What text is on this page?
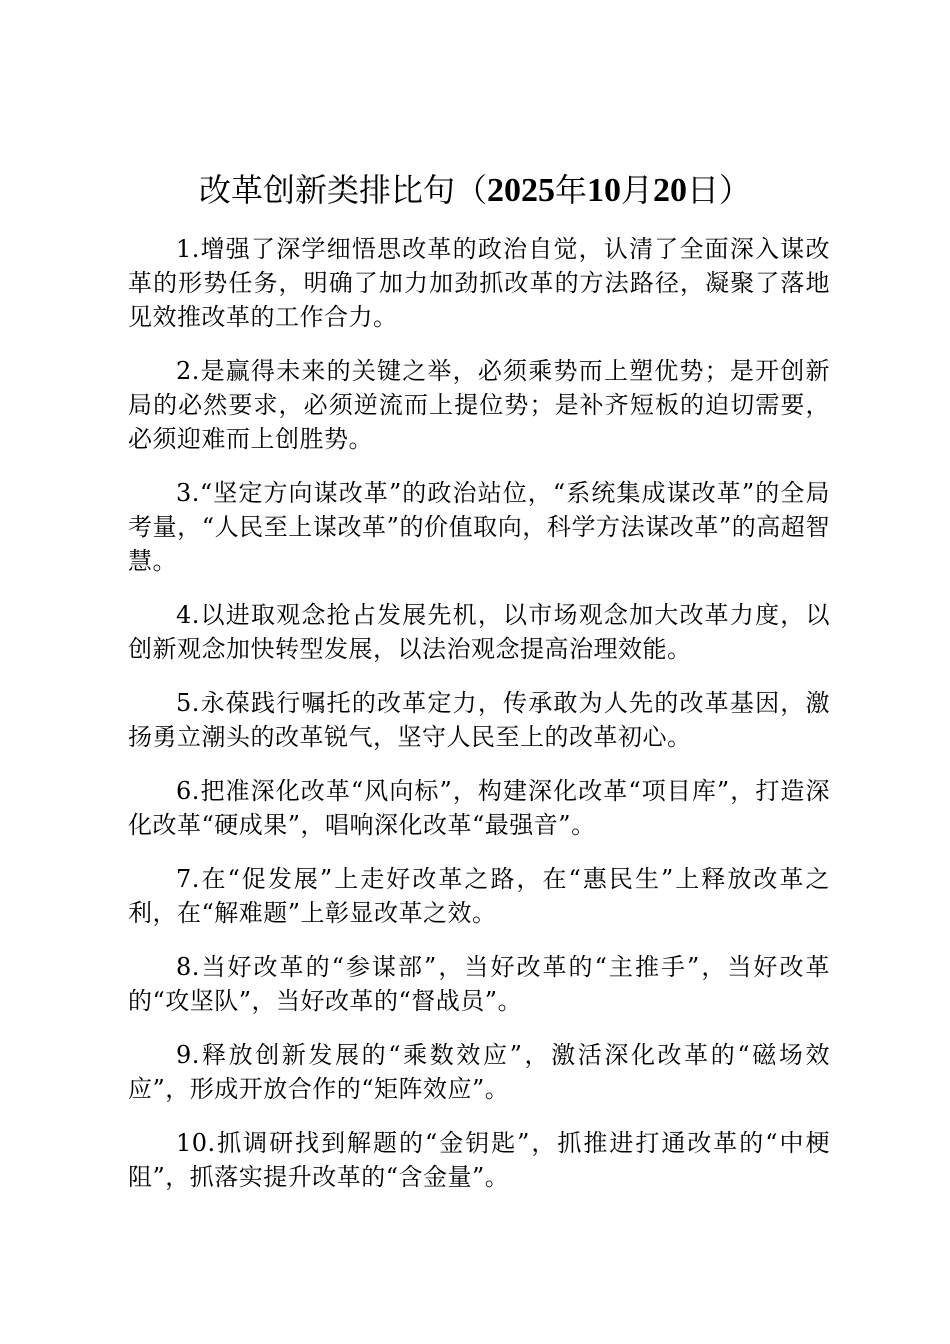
改革创新类排比句（2025年10月20日）

1.增强了深学细悟思改革的政治自觉，认清了全面深入谋改革的形势任务，明确了加力加劲抓改革的方法路径，凝聚了落地见效推改革的工作合力。

2.是赢得未来的关键之举，必须乘势而上塑优势；是开创新局的必然要求，必须逆流而上提位势；是补齐短板的迫切需要，必须迎难而上创胜势。

3.“坚定方向谋改革”的政治站位，“系统集成谋改革”的全局考量，“人民至上谋改革”的价值取向，科学方法谋改革”的高超智慧。

4.以进取观念抢占发展先机，以市场观念加大改革力度，以创新观念加快转型发展，以法治观念提高治理效能。

5.永葆践行嘱托的改革定力，传承敢为人先的改革基因，激扬勇立潮头的改革锐气，坚守人民至上的改革初心。

6.把准深化改革“风向标”，构建深化改革“项目库”，打造深化改革“硬成果”，唱响深化改革“最强音”。

7.在“促发展”上走好改革之路，在“惠民生”上释放改革之利，在“解难题”上彰显改革之效。

8.当好改革的“参谋部”，当好改革的“主推手”，当好改革的“攻坚队”，当好改革的“督战员”。

9.释放创新发展的“乘数效应”，激活深化改革的“磁场效应”，形成开放合作的“矩阵效应”。

10.抓调研找到解题的“金钥匙”，抓推进打通改革的“中梗阻”，抓落实提升改革的“含金量”。
